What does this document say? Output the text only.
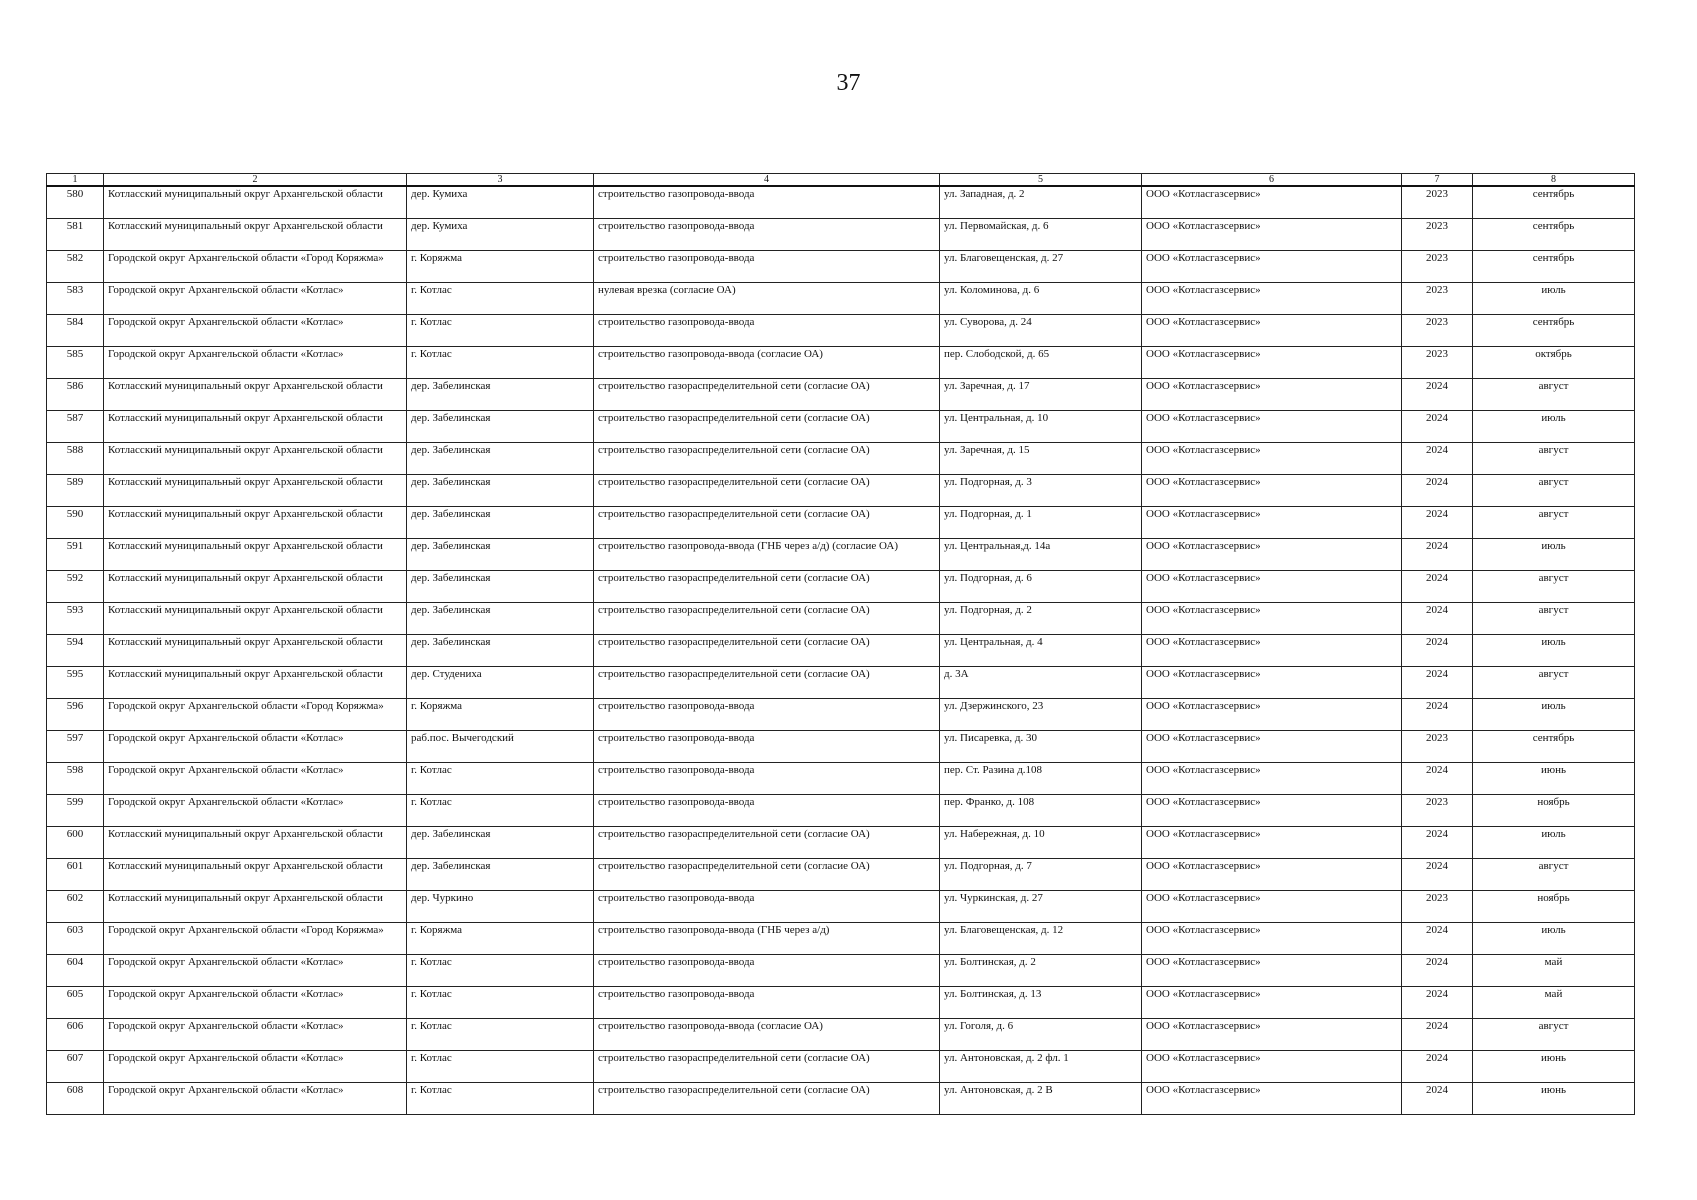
37
1	2	3	4	5	6	7	8
580	Котласский муниципальный округ Архангельской области	дер. Кумиха	строительство газопровода-ввода	ул. Западная, д. 2	ООО «Котласгазсервис»	2023	сентябрь
581	Котласский муниципальный округ Архангельской области	дер. Кумиха	строительство газопровода-ввода	ул. Первомайская, д. 6	ООО «Котласгазсервис»	2023	сентябрь
582	Городской округ Архангельской области «Город Коряжма»	г. Коряжма	строительство газопровода-ввода	ул. Благовещенская, д. 27	ООО «Котласгазсервис»	2023	сентябрь
583	Городской округ Архангельской области «Котлас»	г. Котлас	нулевая врезка (согласие ОА)	ул. Коломинова, д. 6	ООО «Котласгазсервис»	2023	июль
584	Городской округ Архангельской области «Котлас»	г. Котлас	строительство газопровода-ввода	ул. Суворова, д. 24	ООО «Котласгазсервис»	2023	сентябрь
585	Городской округ Архангельской области «Котлас»	г. Котлас	строительство газопровода-ввода (согласие ОА)	пер. Слободской, д. 65	ООО «Котласгазсервис»	2023	октябрь
586	Котласский муниципальный округ Архангельской области	дер. Забелинская	строительство газораспределительной сети (согласие ОА)	ул. Заречная, д. 17	ООО «Котласгазсервис»	2024	август
587	Котласский муниципальный округ Архангельской области	дер. Забелинская	строительство газораспределительной сети (согласие ОА)	ул. Центральная, д. 10	ООО «Котласгазсервис»	2024	июль
588	Котласский муниципальный округ Архангельской области	дер. Забелинская	строительство газораспределительной сети (согласие ОА)	ул. Заречная, д. 15	ООО «Котласгазсервис»	2024	август
589	Котласский муниципальный округ Архангельской области	дер. Забелинская	строительство газораспределительной сети (согласие ОА)	ул. Подгорная, д. 3	ООО «Котласгазсервис»	2024	август
590	Котласский муниципальный округ Архангельской области	дер. Забелинская	строительство газораспределительной сети (согласие ОА)	ул. Подгорная, д. 1	ООО «Котласгазсервис»	2024	август
591	Котласский муниципальный округ Архангельской области	дер. Забелинская	строительство газопровода-ввода (ГНБ через а/д) (согласие ОА)	ул. Центральная,д. 14а	ООО «Котласгазсервис»	2024	июль
592	Котласский муниципальный округ Архангельской области	дер. Забелинская	строительство газораспределительной сети (согласие ОА)	ул. Подгорная, д. 6	ООО «Котласгазсервис»	2024	август
593	Котласский муниципальный округ Архангельской области	дер. Забелинская	строительство газораспределительной сети (согласие ОА)	ул. Подгорная, д. 2	ООО «Котласгазсервис»	2024	август
594	Котласский муниципальный округ Архангельской области	дер. Забелинская	строительство газораспределительной сети (согласие ОА)	ул. Центральная, д. 4	ООО «Котласгазсервис»	2024	июль
595	Котласский муниципальный округ Архангельской области	дер. Студениха	строительство газораспределительной сети (согласие ОА)	д. 3А	ООО «Котласгазсервис»	2024	август
596	Городской округ Архангельской области «Город Коряжма»	г. Коряжма	строительство газопровода-ввода	ул. Дзержинского, 23	ООО «Котласгазсервис»	2024	июль
597	Городской округ Архангельской области «Котлас»	раб.пос. Вычегодский	строительство газопровода-ввода	ул. Писаревка, д. 30	ООО «Котласгазсервис»	2023	сентябрь
598	Городской округ Архангельской области «Котлас»	г. Котлас	строительство газопровода-ввода	пер. Ст. Разина д.108	ООО «Котласгазсервис»	2024	июнь
599	Городской округ Архангельской области «Котлас»	г. Котлас	строительство газопровода-ввода	пер. Франко, д. 108	ООО «Котласгазсервис»	2023	ноябрь
600	Котласский муниципальный округ Архангельской области	дер. Забелинская	строительство газораспределительной сети (согласие ОА)	ул. Набережная, д. 10	ООО «Котласгазсервис»	2024	июль
601	Котласский муниципальный округ Архангельской области	дер. Забелинская	строительство газораспределительной сети (согласие ОА)	ул. Подгорная, д. 7	ООО «Котласгазсервис»	2024	август
602	Котласский муниципальный округ Архангельской области	дер. Чуркино	строительство газопровода-ввода	ул. Чуркинская, д. 27	ООО «Котласгазсервис»	2023	ноябрь
603	Городской округ Архангельской области «Город Коряжма»	г. Коряжма	строительство газопровода-ввода (ГНБ через а/д)	ул. Благовещенская, д. 12	ООО «Котласгазсервис»	2024	июль
604	Городской округ Архангельской области «Котлас»	г. Котлас	строительство газопровода-ввода	ул. Болтинская, д. 2	ООО «Котласгазсервис»	2024	май
605	Городской округ Архангельской области «Котлас»	г. Котлас	строительство газопровода-ввода	ул. Болтинская, д. 13	ООО «Котласгазсервис»	2024	май
606	Городской округ Архангельской области «Котлас»	г. Котлас	строительство газопровода-ввода (согласие ОА)	ул. Гоголя, д. 6	ООО «Котласгазсервис»	2024	август
607	Городской округ Архангельской области «Котлас»	г. Котлас	строительство газораспределительной сети (согласие ОА)	ул. Антоновская, д. 2 фл. 1	ООО «Котласгазсервис»	2024	июнь
608	Городской округ Архангельской области «Котлас»	г. Котлас	строительство газораспределительной сети (согласие ОА)	ул. Антоновская, д. 2 В	ООО «Котласгазсервис»	2024	июнь
